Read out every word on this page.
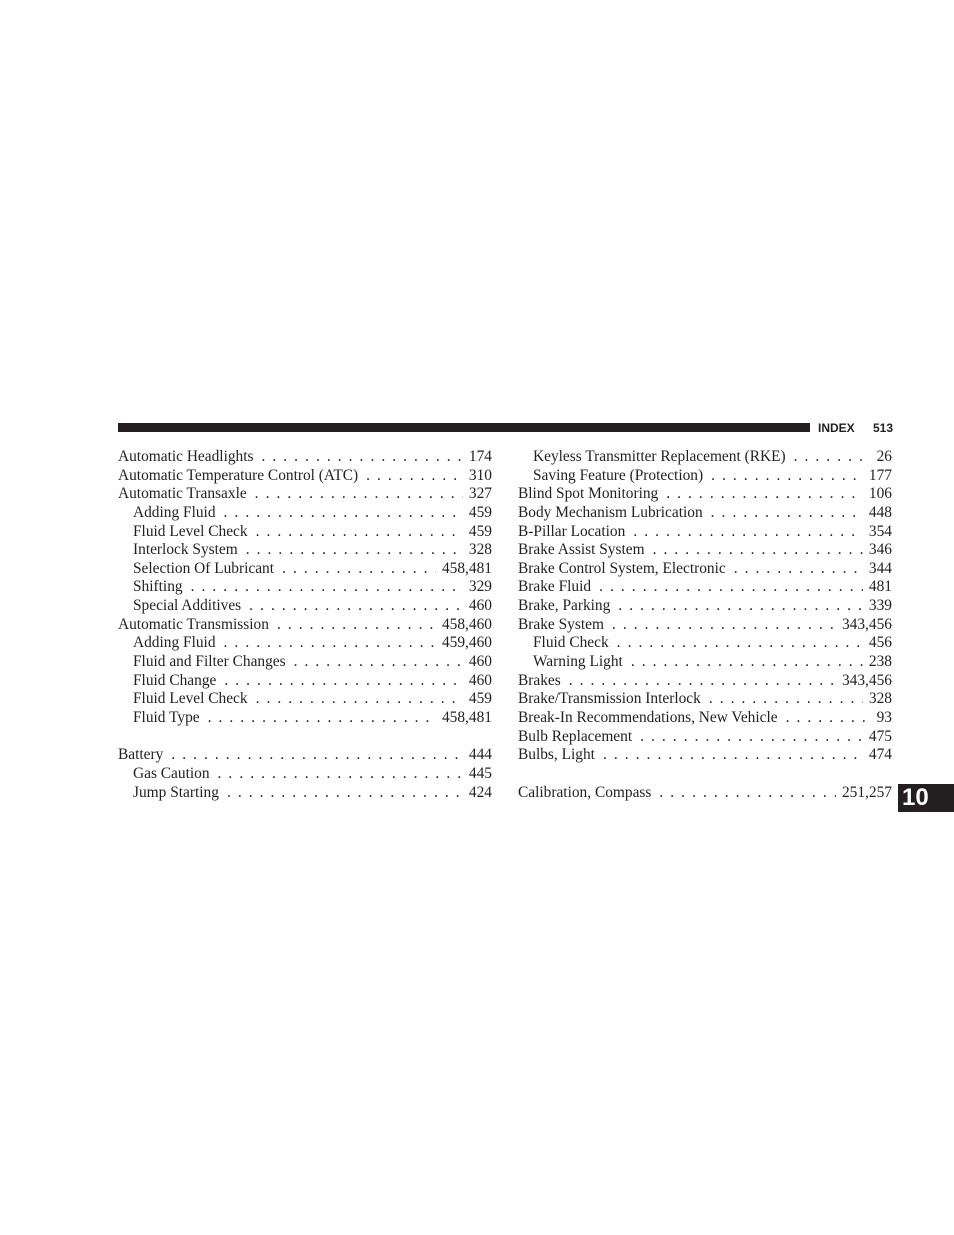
INDEX 513
Automatic Headlights . . .	174
Automatic Temperature Control (ATC) . . .	310
Automatic Transaxle . . .	327
Adding Fluid . . .	459
Fluid Level Check . . .	459
Interlock System . . .	328
Selection Of Lubricant . . .	458,481
Shifting . . .	329
Special Additives . . .	460
Automatic Transmission . . .	458,460
Adding Fluid . . .	459,460
Fluid and Filter Changes . . .	460
Fluid Change . . .	460
Fluid Level Check . . .	459
Fluid Type . . .	458,481
Battery . . .	444
Gas Caution . . .	445
Jump Starting . . .	424
Keyless Transmitter Replacement (RKE) . . .	26
Saving Feature (Protection) . . .	177
Blind Spot Monitoring . . .	106
Body Mechanism Lubrication . . .	448
B-Pillar Location . . .	354
Brake Assist System . . .	346
Brake Control System, Electronic . . .	344
Brake Fluid . . .	481
Brake, Parking . . .	339
Brake System . . .	343,456
Fluid Check . . .	456
Warning Light . . .	238
Brakes . . .	343,456
Brake/Transmission Interlock . . .	328
Break-In Recommendations, New Vehicle . . .	93
Bulb Replacement . . .	475
Bulbs, Light . . .	474
Calibration, Compass . . .	251,257 10
